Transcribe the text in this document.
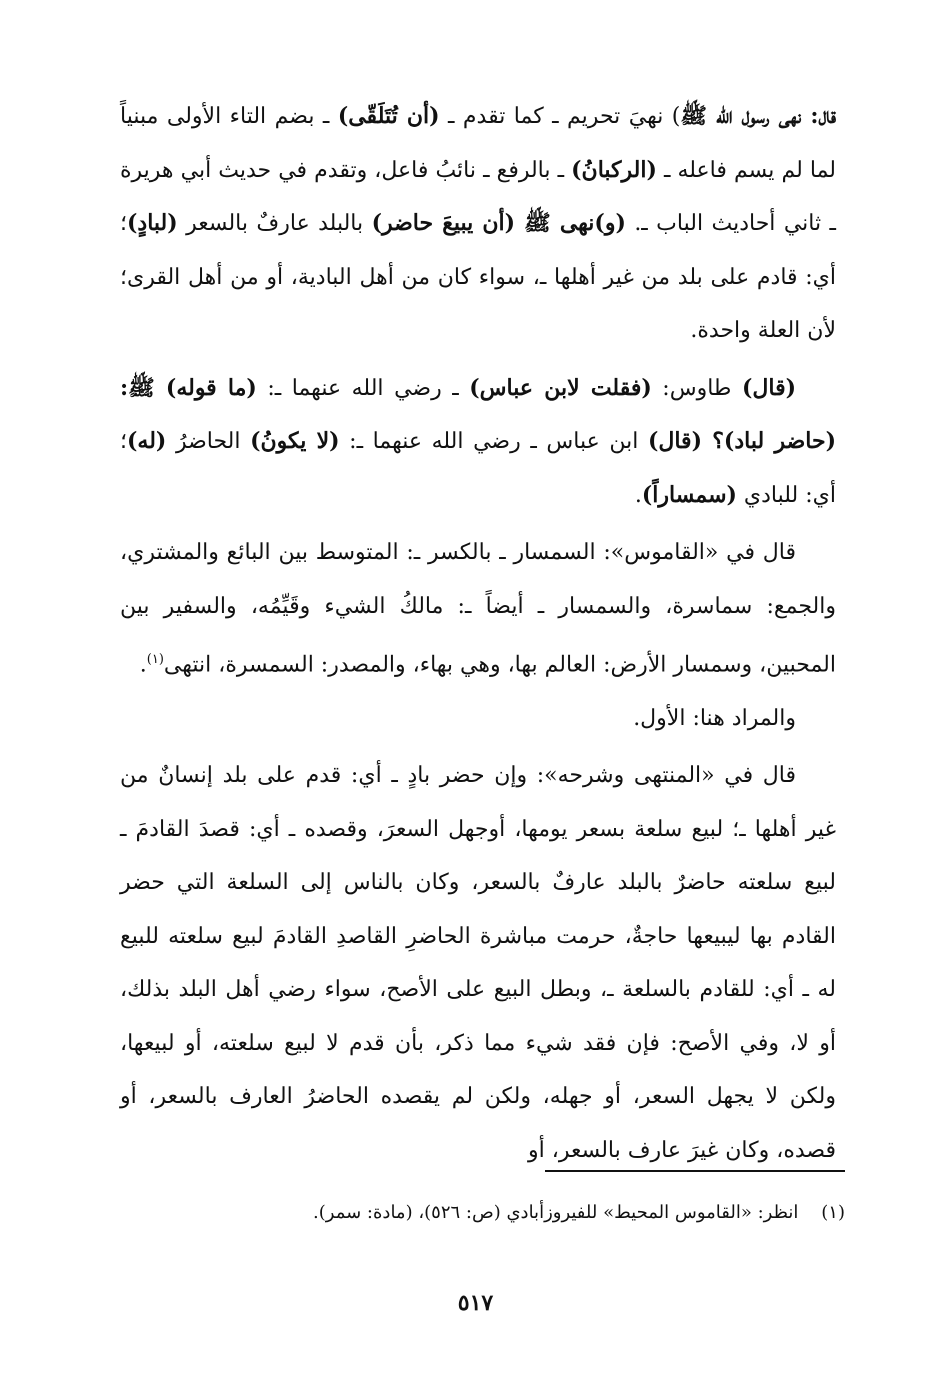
قال: نهى رسول الله ﷺ) نهيَ تحريم ـ كما تقدم ـ (أن تُتَلَقّى) ـ بضم التاء الأولى مبنياً لما لم يسم فاعله ـ (الركبانُ) ـ بالرفع ـ نائبُ فاعل، وتقدم في حديث أبي هريرة ـ ثاني أحاديث الباب ـ. (و)نهى ﷺ (أن يبيعَ حاضر) بالبلد عارفٌ بالسعر (لبادٍ)؛ أي: قادم على بلد من غير أهلها ـ، سواء كان من أهل البادية، أو من أهل القرى؛ لأن العلة واحدة.

(قال) طاوس: (فقلت لابن عباس) ـ رضي الله عنهما ـ: (ما قوله) ﷺ: (حاضر لباد)؟ (قال) ابن عباس ـ رضي الله عنهما ـ: (لا يكونُ) الحاضرُ (له)؛ أي: للبادي (سمساراً).

قال في «القاموس»: السمسار ـ بالكسر ـ: المتوسط بين البائع والمشتري، والجمع: سماسرة، والسمسار ـ أيضاً ـ: مالكُ الشيء وقَيِّمُه، والسفير بين المحبين، وسمسار الأرض: العالم بها، وهي بهاء، والمصدر: السمسرة، انتهى$^{(١)}$.

والمراد هنا: الأول.

قال في «المنتهى وشرحه»: وإن حضر بادٍ ـ أي: قدم على بلد إنسانٌ من غير أهلها ـ؛ لبيع سلعة بسعر يومها، أوجهل السعرَ، وقصده ـ أي: قصدَ القادمَ ـ لبيع سلعته حاضرٌ بالبلد عارفٌ بالسعر، وكان بالناس إلى السلعة التي حضر القادم بها ليبيعها حاجةٌ، حرمت مباشرة الحاضرِ القاصدِ القادمَ لبيع سلعته للبيع له ـ أي: للقادم بالسلعة ـ، وبطل البيع على الأصح، سواء رضي أهل البلد بذلك، أو لا، وفي الأصح: فإن فقد شيء مما ذكر، بأن قدم لا لبيع سلعته، أو لبيعها، ولكن لا يجهل السعر، أو جهله، ولكن لم يقصده الحاضرُ العارف بالسعر، أو قصده، وكان غيرَ عارف بالسعر، أو

(١)    انظر: «القاموس المحيط» للفيروزأبادي (ص: ٥٢٦)، (مادة: سمر).
٥١٧
